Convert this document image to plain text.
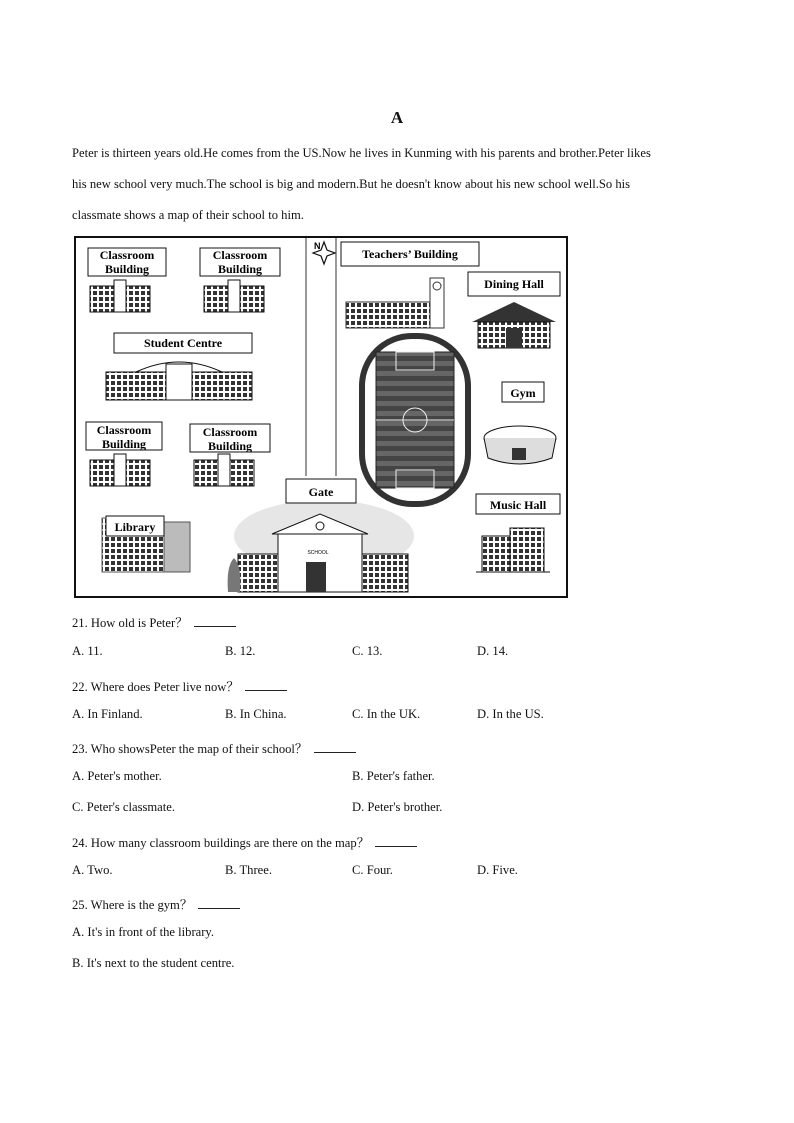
A
Peter is thirteen years old.He comes from the US.Now he lives in Kunming with his parents and brother.Peter likes
his new school very much.The school is big and modern.But he doesn't know about his new school well.So his
classmate shows a map of their school to him.
N
Classroom
Building
Classroom
Building
Student Centre
Classroom
Building
Classroom
Building
Library
SCHOOL
Gate
Teachers’ Building
Dining Hall
Gym
Music Hall
21. How old is Peter？
A. 11.	B. 12.	C. 13.	D. 14.
22. Where does Peter live now？
A. In Finland.	B. In China.	C. In the UK.	D. In the US.
23. Who showsPeter the map of their school？
A. Peter's mother.	B. Peter's father.
C. Peter's classmate.	D. Peter's brother.
24. How many classroom buildings are there on the map？
A. Two.	B. Three.	C. Four.	D. Five.
25. Where is the gym？
A. It's in front of the library.
B. It's next to the student centre.
